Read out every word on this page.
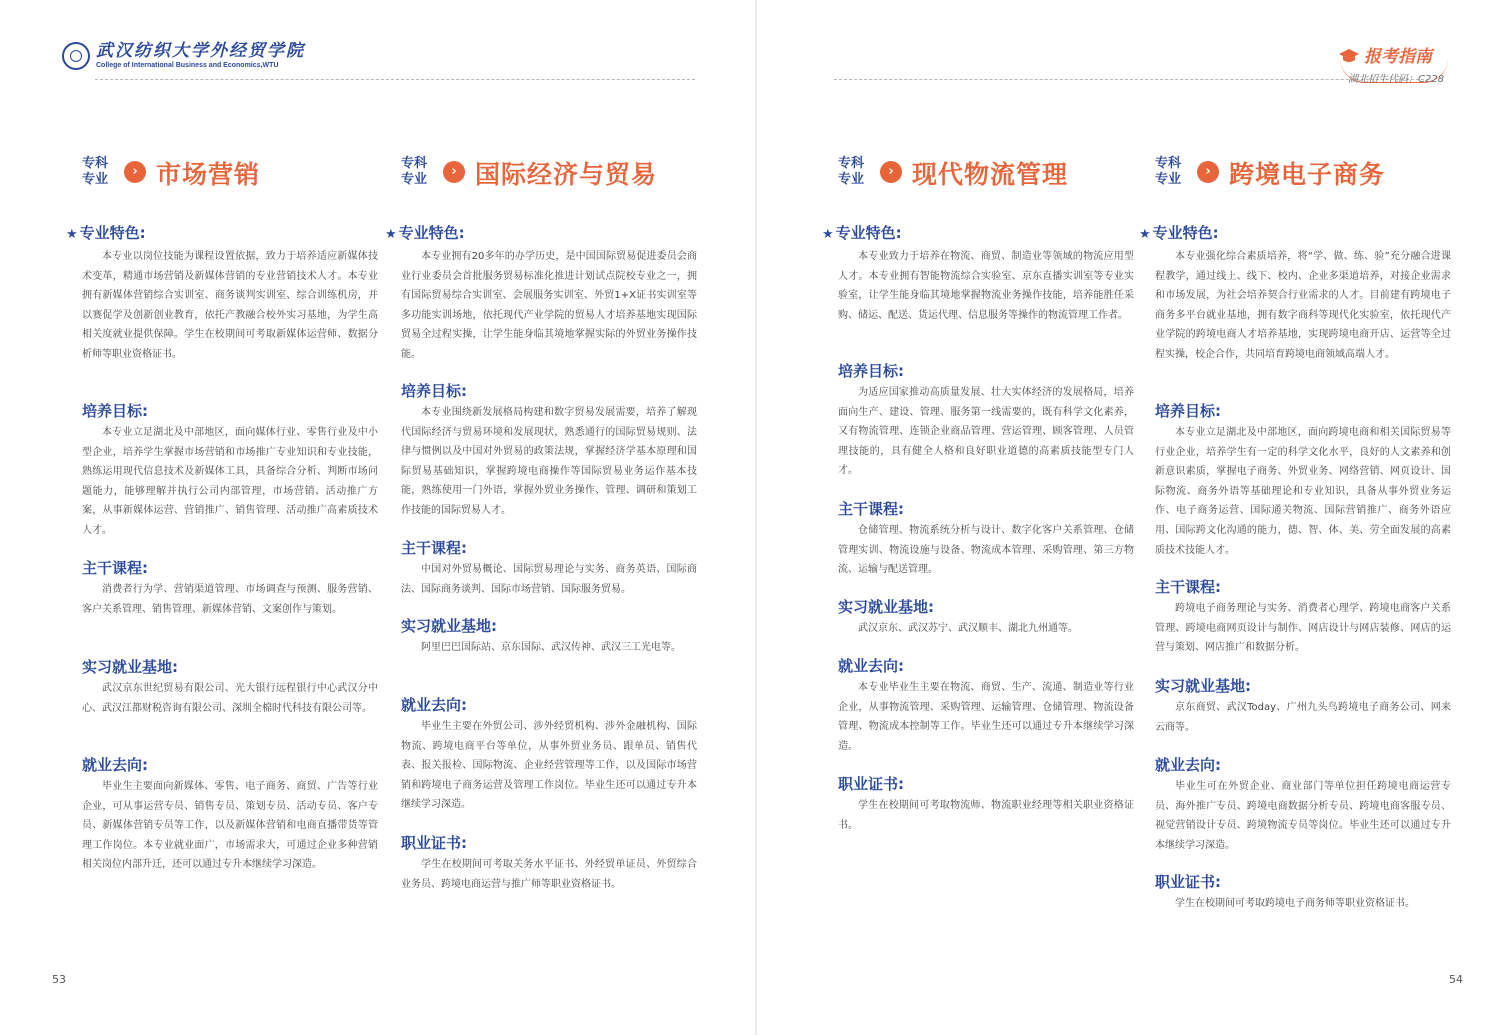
武汉纺织大学外经贸学院
College of International Business and Economics,WTU
专科专业
› 市场营销
★ 专业特色:

本专业以岗位技能为课程设置依据，致力于培养适应新媒体技术变革，精通市场营销及新媒体营销的专业营销技术人才。本专业拥有新媒体营销综合实训室、商务谈判实训室、综合训练机房，并以赛促学及创新创业教育，依托产教融合校外实习基地，为学生高相关度就业提供保障。学生在校期间可考取新媒体运营师、数据分析师等职业资格证书。

培养目标:

本专业立足湖北及中部地区，面向媒体行业、零售行业及中小型企业，培养学生掌握市场营销和市场推广专业知识和专业技能，熟练运用现代信息技术及新媒体工具，具备综合分析、判断市场问题能力，能够理解并执行公司内部管理，市场营销、活动推广方案，从事新媒体运营、营销推广、销售管理、活动推广高素质技术人才。

主干课程:

消费者行为学、营销渠道管理、市场调查与预测、服务营销、客户关系管理、销售管理、新媒体营销、文案创作与策划。

实习就业基地:

武汉京东世纪贸易有限公司、光大银行远程银行中心武汉分中心、武汉江都财税咨询有限公司、深圳全棉时代科技有限公司等。

就业去向:

毕业生主要面向新媒体、零售、电子商务、商贸、广告等行业企业，可从事运营专员、销售专员、策划专员、活动专员、客户专员、新媒体营销专员等工作，以及新媒体营销和电商直播带货等管理工作岗位。本专业就业面广，市场需求大，可通过企业多种营销相关岗位内部升迁，还可以通过专升本继续学习深造。

专科专业
› 国际经济与贸易
★ 专业特色:

本专业拥有20多年的办学历史，是中国国际贸易促进委员会商业行业委员会首批服务贸易标准化推进计划试点院校专业之一，拥有国际贸易综合实训室、会展服务实训室、外贸1+X证书实训室等多功能实训场地，依托现代产业学院的贸易人才培养基地实现国际贸易全过程实操，让学生能身临其境地掌握实际的外贸业务操作技能。

培养目标:

本专业围绕新发展格局构建和数字贸易发展需要，培养了解现代国际经济与贸易环境和发展现状，熟悉通行的国际贸易规则、法律与惯例以及中国对外贸易的政策法规，掌握经济学基本原理和国际贸易基础知识，掌握跨境电商操作等国际贸易业务运作基本技能，熟练使用一门外语，掌握外贸业务操作、管理、调研和策划工作技能的国际贸易人才。

主干课程:

中国对外贸易概论、国际贸易理论与实务、商务英语、国际商法、国际商务谈判、国际市场营销、国际服务贸易。

实习就业基地:

阿里巴巴国际站、京东国际、武汉传神、武汉三工光电等。

就业去向:

毕业生主要在外贸公司、涉外经贸机构、涉外金融机构、国际物流、跨境电商平台等单位，从事外贸业务员、跟单员、销售代表、报关报检、国际物流、企业经营管理等工作，以及国际市场营销和跨境电子商务运营及管理工作岗位。毕业生还可以通过专升本继续学习深造。

职业证书:

学生在校期间可考取关务水平证书、外经贸单证员、外贸综合业务员、跨境电商运营与推广师等职业资格证书。

53
报考指南
湖北招生代码：C228
专科专业
› 现代物流管理
★ 专业特色:

本专业致力于培养在物流、商贸、制造业等领域的物流应用型人才。本专业拥有智能物流综合实验室、京东直播实训室等专业实验室，让学生能身临其境地掌握物流业务操作技能，培养能胜任采购、储运、配送、货运代理、信息服务等操作的物流管理工作者。

培养目标:

为适应国家推动高质量发展、壮大实体经济的发展格局，培养面向生产、建设、管理、服务第一线需要的，既有科学文化素养，又有物流管理、连锁企业商品管理、营运管理、顾客管理、人员管理技能的，具有健全人格和良好职业道德的高素质技能型专门人才。

主干课程:

仓储管理、物流系统分析与设计、数字化客户关系管理、仓储管理实训、物流设施与设备、物流成本管理、采购管理、第三方物流、运输与配送管理。

实习就业基地:

武汉京东、武汉苏宁、武汉顺丰、湖北九州通等。

就业去向:

本专业毕业生主要在物流、商贸、生产、流通、制造业等行业企业，从事物流管理、采购管理、运输管理、仓储管理、物流设备管理、物流成本控制等工作。毕业生还可以通过专升本继续学习深造。

职业证书:

学生在校期间可考取物流师、物流职业经理等相关职业资格证书。

专科专业
› 跨境电子商务
★ 专业特色:

本专业强化综合素质培养，将“学、做、练、验”充分融合进课程教学，通过线上、线下、校内、企业多渠道培养，对接企业需求和市场发展，为社会培养契合行业需求的人才。目前建有跨境电子商务多平台就业基地，拥有数字商科等现代化实验室，依托现代产业学院的跨境电商人才培养基地，实现跨境电商开店、运营等全过程实操，校企合作，共同培育跨境电商领域高端人才。

培养目标:

本专业立足湖北及中部地区，面向跨境电商和相关国际贸易等行业企业，培养学生有一定的科学文化水平，良好的人文素养和创新意识素质，掌握电子商务、外贸业务、网络营销、网页设计、国际物流、商务外语等基础理论和专业知识，具备从事外贸业务运作、电子商务运营、国际通关物流、国际营销推广、商务外语应用、国际跨文化沟通的能力，德、智、体、美、劳全面发展的高素质技术技能人才。

主干课程:

跨境电子商务理论与实务、消费者心理学、跨境电商客户关系管理、跨境电商网页设计与制作、网店设计与网店装修、网店的运营与策划、网店推广和数据分析。

实习就业基地:

京东商贸、武汉Today、广州九头鸟跨境电子商务公司、网来云商等。

就业去向:

毕业生可在外贸企业、商业部门等单位担任跨境电商运营专员、海外推广专员、跨境电商数据分析专员、跨境电商客服专员、视觉营销设计专员、跨境物流专员等岗位。毕业生还可以通过专升本继续学习深造。

职业证书:

学生在校期间可考取跨境电子商务师等职业资格证书。

54
